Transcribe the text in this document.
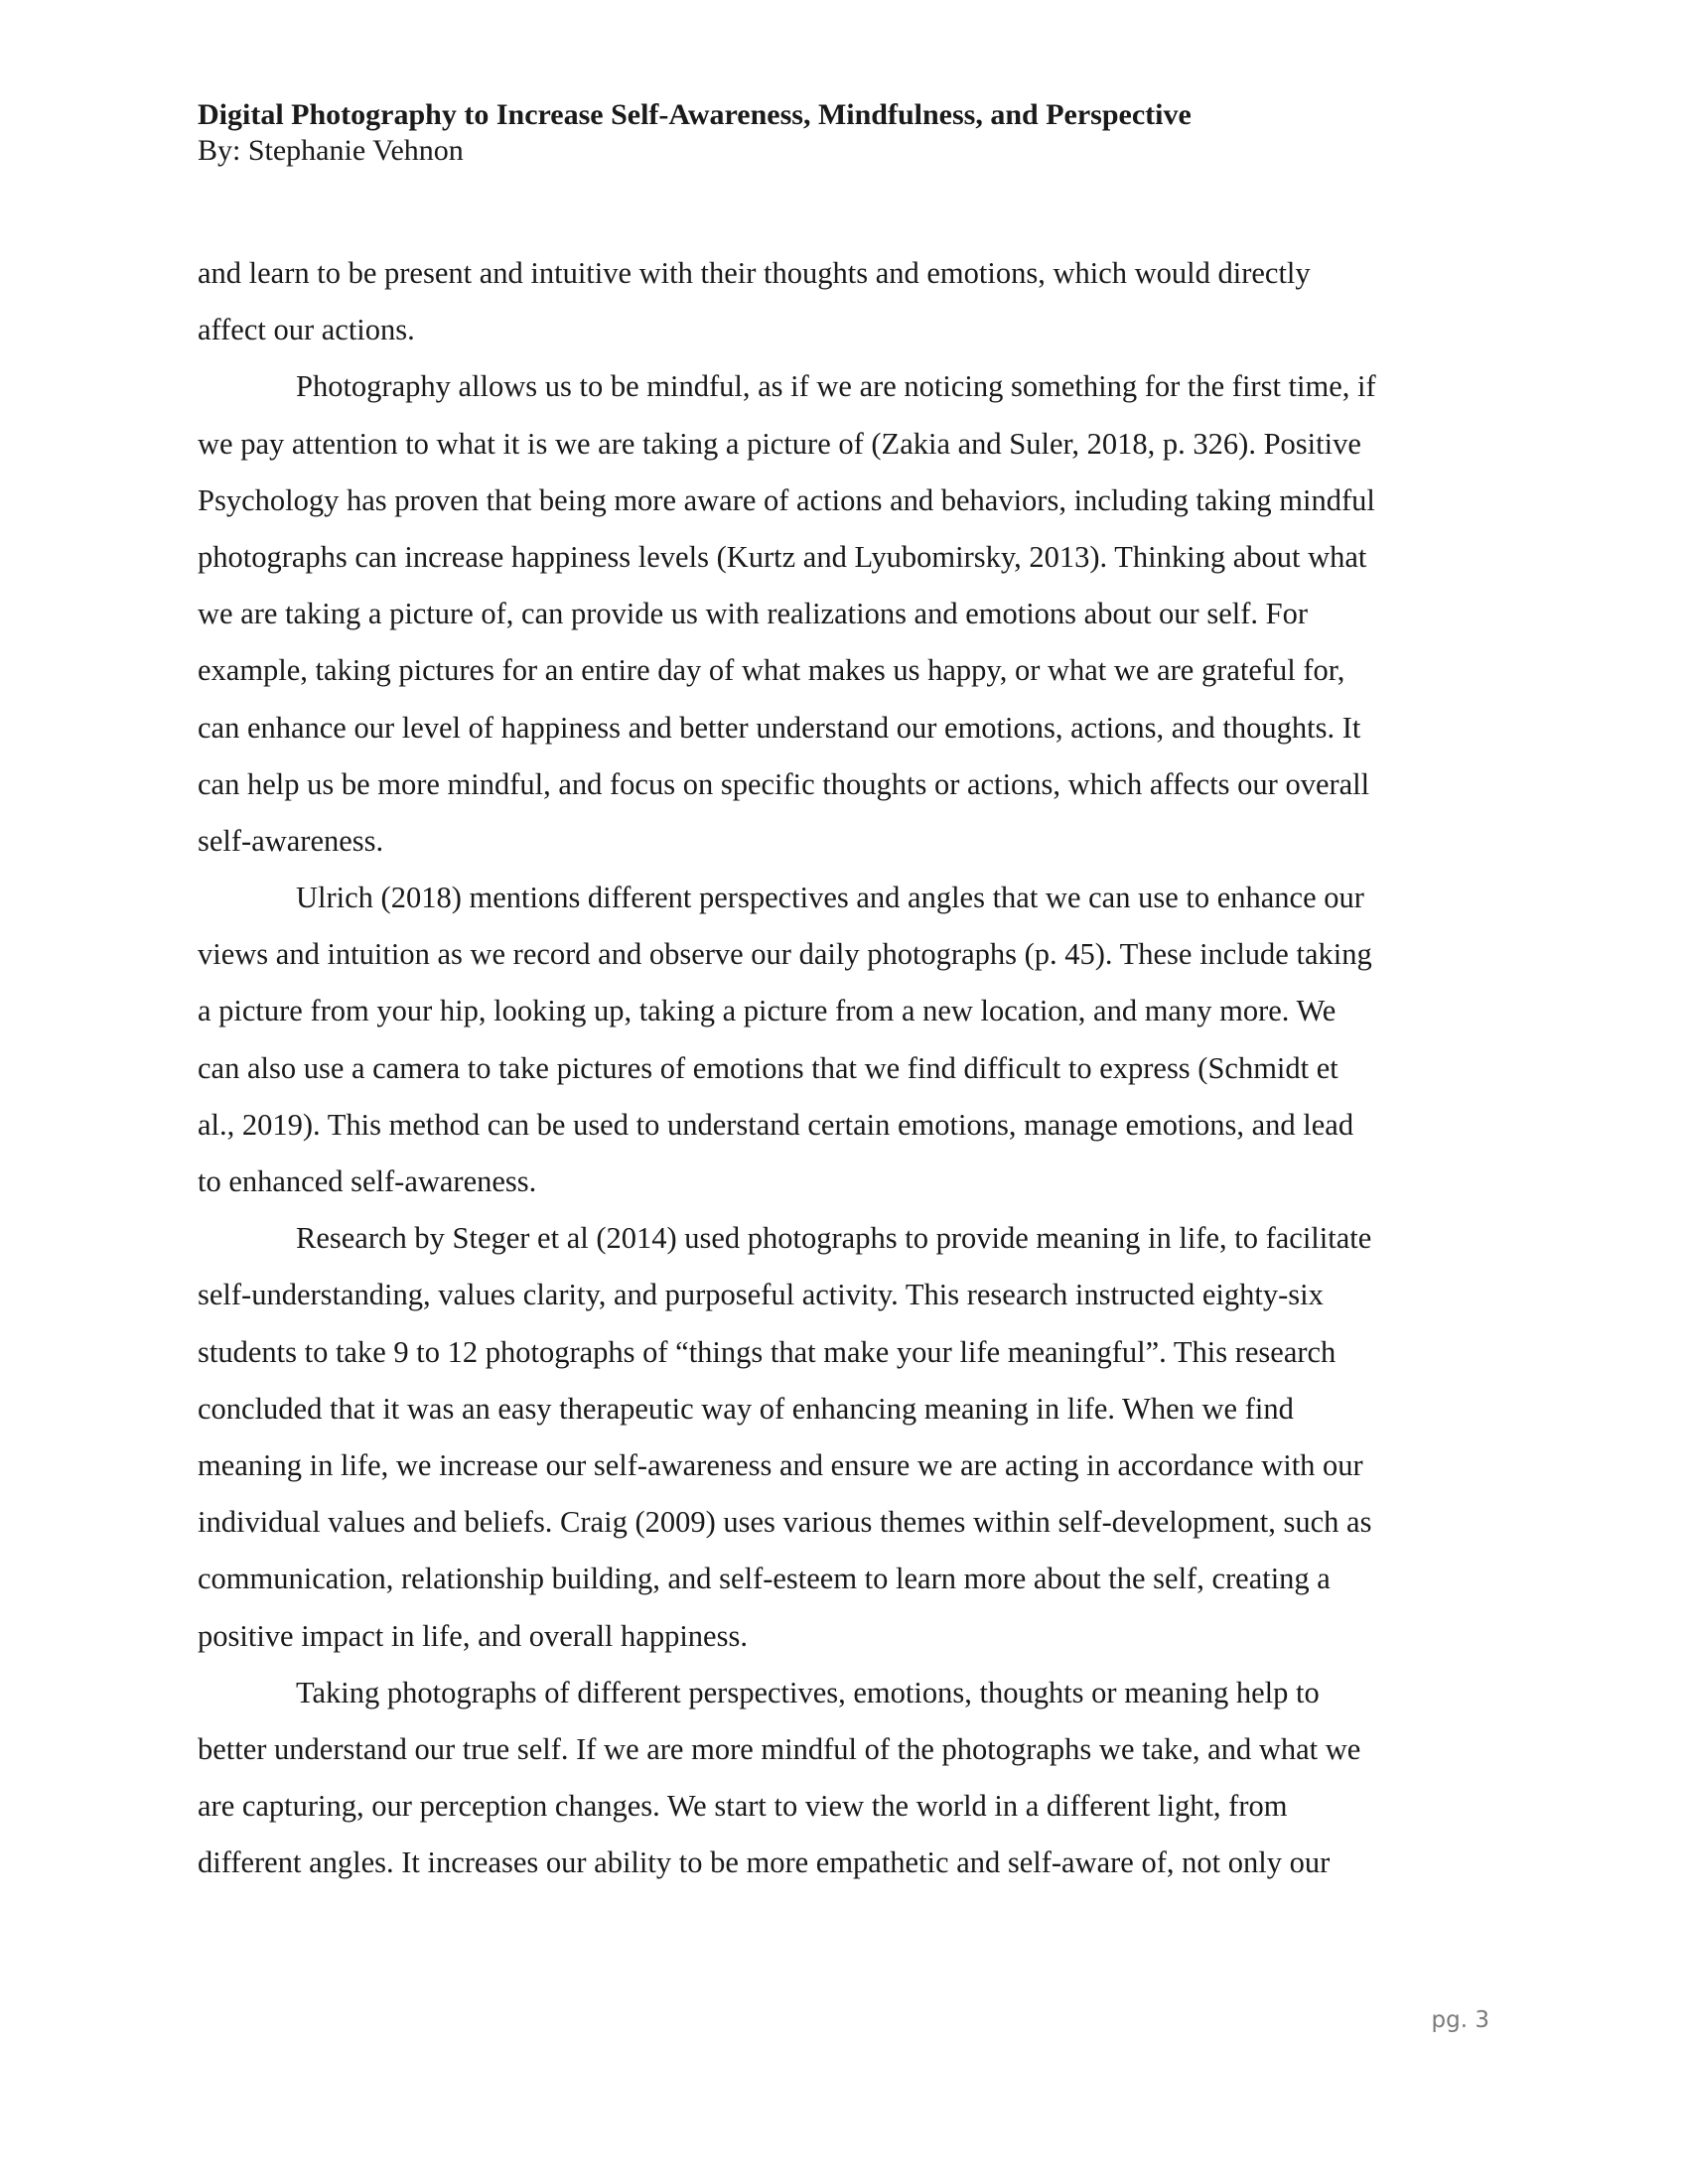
Digital Photography to Increase Self-Awareness, Mindfulness, and Perspective

By: Stephanie Vehnon

and learn to be present and intuitive with their thoughts and emotions, which would directly

affect our actions.

Photography allows us to be mindful, as if we are noticing something for the first time, if

we pay attention to what it is we are taking a picture of (Zakia and Suler, 2018, p. 326). Positive

Psychology has proven that being more aware of actions and behaviors, including taking mindful

photographs can increase happiness levels (Kurtz and Lyubomirsky, 2013). Thinking about what

we are taking a picture of, can provide us with realizations and emotions about our self. For

example, taking pictures for an entire day of what makes us happy, or what we are grateful for,

can enhance our level of happiness and better understand our emotions, actions, and thoughts. It

can help us be more mindful, and focus on specific thoughts or actions, which affects our overall

self-awareness.

Ulrich (2018) mentions different perspectives and angles that we can use to enhance our

views and intuition as we record and observe our daily photographs (p. 45). These include taking

a picture from your hip, looking up, taking a picture from a new location, and many more. We

can also use a camera to take pictures of emotions that we find difficult to express (Schmidt et

al., 2019). This method can be used to understand certain emotions, manage emotions, and lead

to enhanced self-awareness.

Research by Steger et al (2014) used photographs to provide meaning in life, to facilitate

self-understanding, values clarity, and purposeful activity. This research instructed eighty-six

students to take 9 to 12 photographs of “things that make your life meaningful”. This research

concluded that it was an easy therapeutic way of enhancing meaning in life. When we find

meaning in life, we increase our self-awareness and ensure we are acting in accordance with our

individual values and beliefs. Craig (2009) uses various themes within self-development, such as

communication, relationship building, and self-esteem to learn more about the self, creating a

positive impact in life, and overall happiness.

Taking photographs of different perspectives, emotions, thoughts or meaning help to

better understand our true self. If we are more mindful of the photographs we take, and what we

are capturing, our perception changes. We start to view the world in a different light, from

different angles. It increases our ability to be more empathetic and self-aware of, not only our

pg. 3
